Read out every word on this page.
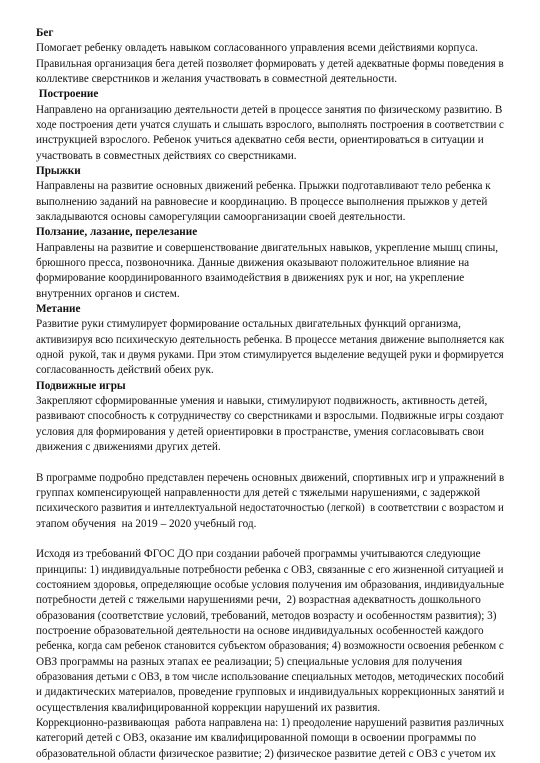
Бег
Помогает ребенку овладеть навыком согласованного управления всеми действиями корпуса.
Правильная организация бега детей позволяет формировать у детей адекватные формы поведения в
коллективе сверстников и желания участвовать в совместной деятельности.
Построение
Направлено на организацию деятельности детей в процессе занятия по физическому развитию. В
ходе построения дети учатся слушать и слышать взрослого, выполнять построения в соответствии с
инструкцией взрослого. Ребенок учиться адекватно себя вести, ориентироваться в ситуации и
участвовать в совместных действиях со сверстниками.
Прыжки
Направлены на развитие основных движений ребенка. Прыжки подготавливают тело ребенка к
выполнению заданий на равновесие и координацию. В процессе выполнения прыжков у детей
закладываются основы саморегуляции самоорганизации своей деятельности.
Ползание, лазание, перелезание
Направлены на развитие и совершенствование двигательных навыков, укрепление мышц спины,
брюшного пресса, позвоночника. Данные движения оказывают положительное влияние на
формирование координированного взаимодействия в движениях рук и ног, на укрепление
внутренних органов и систем.
Метание
Развитие руки стимулирует формирование остальных двигательных функций организма,
активизируя всю психическую деятельность ребенка. В процессе метания движение выполняется как
одной  рукой, так и двумя руками. При этом стимулируется выделение ведущей руки и формируется
согласованность действий обеих рук.
Подвижные игры
Закрепляют сформированные умения и навыки, стимулируют подвижность, активность детей,
развивают способность к сотрудничеству со сверстниками и взрослыми. Подвижные игры создают
условия для формирования у детей ориентировки в пространстве, умения согласовывать свои
движения с движениями других детей.
В программе подробно представлен перечень основных движений, спортивных игр и упражнений в
группах компенсирующей направленности для детей с тяжелыми нарушениями, с задержкой
психического развития и интеллектуальной недостаточностью (легкой)  в соответствии с возрастом и
этапом обучения  на 2019 – 2020 учебный год.
Исходя из требований ФГОС ДО при создании рабочей программы учитываются следующие
принципы: 1) индивидуальные потребности ребенка с ОВЗ, связанные с его жизненной ситуацией и
состоянием здоровья, определяющие особые условия получения им образования, индивидуальные
потребности детей с тяжелыми нарушениями речи,  2) возрастная адекватность дошкольного
образования (соответствие условий, требований, методов возрасту и особенностям развития); 3)
построение образовательной деятельности на основе индивидуальных особенностей каждого
ребенка, когда сам ребенок становится субъектом образования; 4) возможности освоения ребенком с
ОВЗ программы на разных этапах ее реализации; 5) специальные условия для получения
образования детьми с ОВЗ, в том числе использование специальных методов, методических пособий
и дидактических материалов, проведение групповых и индивидуальных коррекционных занятий и
осуществления квалифицированной коррекции нарушений их развития.
Коррекционно-развивающая  работа направлена на: 1) преодоление нарушений развития различных
категорий детей с ОВЗ, оказание им квалифицированной помощи в освоении программы по
образовательной области физическое развитие; 2) физическое развитие детей с ОВЗ с учетом их
